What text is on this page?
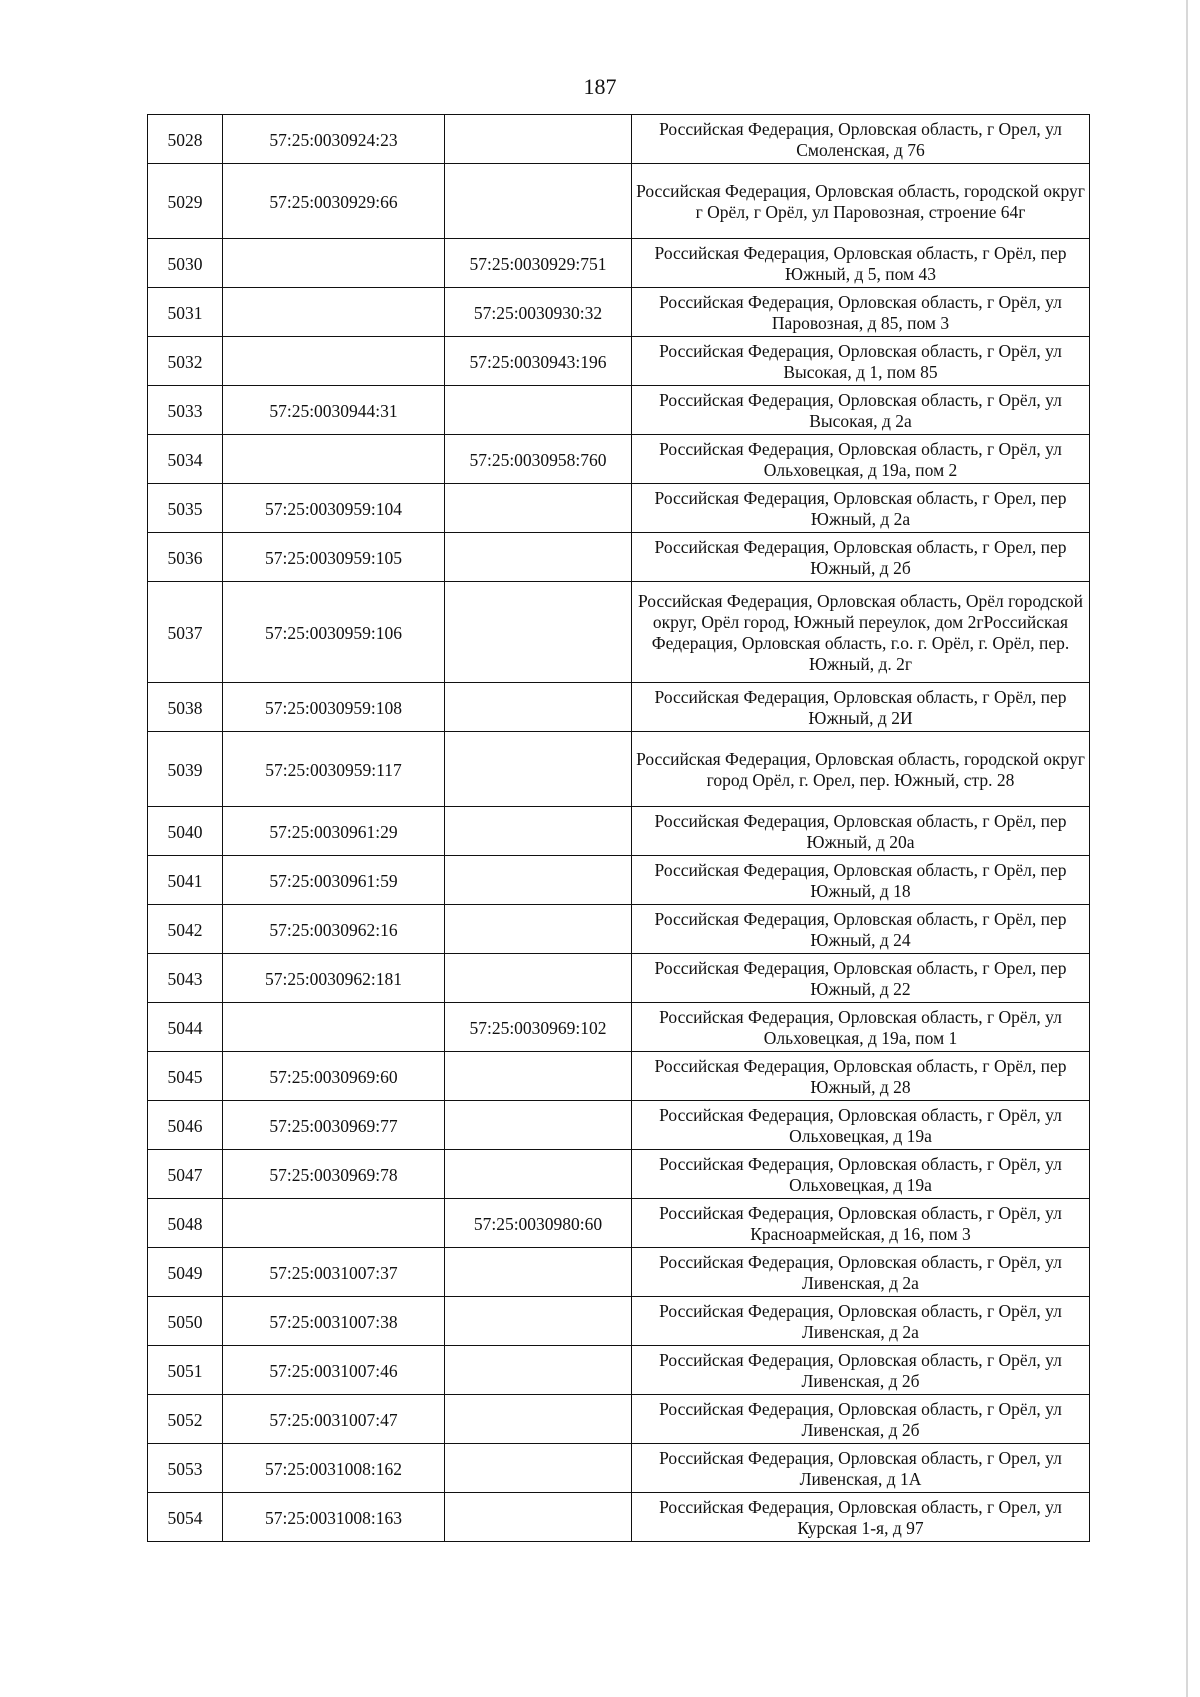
187
5028	57:25:0030924:23		Российская Федерация, Орловская область, г Орел, ул Смоленская, д 76
5029	57:25:0030929:66		Российская Федерация, Орловская область, городской округ г Орёл, г Орёл, ул Паровозная, строение 64г
5030		57:25:0030929:751	Российская Федерация, Орловская область, г Орёл, пер Южный, д 5, пом 43
5031		57:25:0030930:32	Российская Федерация, Орловская область, г Орёл, ул Паровозная, д 85, пом 3
5032		57:25:0030943:196	Российская Федерация, Орловская область, г Орёл, ул Высокая, д 1, пом 85
5033	57:25:0030944:31		Российская Федерация, Орловская область, г Орёл, ул Высокая, д 2а
5034		57:25:0030958:760	Российская Федерация, Орловская область, г Орёл, ул Ольховецкая, д 19а, пом 2
5035	57:25:0030959:104		Российская Федерация, Орловская область, г Орел, пер Южный, д 2а
5036	57:25:0030959:105		Российская Федерация, Орловская область, г Орел, пер Южный, д 2б
5037	57:25:0030959:106		Российская Федерация, Орловская область, Орёл городской округ, Орёл город, Южный переулок, дом 2гРоссийская Федерация, Орловская область, г.о. г. Орёл, г. Орёл, пер. Южный, д. 2г
5038	57:25:0030959:108		Российская Федерация, Орловская область, г Орёл, пер Южный, д 2И
5039	57:25:0030959:117		Российская Федерация, Орловская область, городской округ город Орёл, г. Орел, пер. Южный, стр. 28
5040	57:25:0030961:29		Российская Федерация, Орловская область, г Орёл, пер Южный, д 20а
5041	57:25:0030961:59		Российская Федерация, Орловская область, г Орёл, пер Южный, д 18
5042	57:25:0030962:16		Российская Федерация, Орловская область, г Орёл, пер Южный, д 24
5043	57:25:0030962:181		Российская Федерация, Орловская область, г Орел, пер Южный, д 22
5044		57:25:0030969:102	Российская Федерация, Орловская область, г Орёл, ул Ольховецкая, д 19а, пом 1
5045	57:25:0030969:60		Российская Федерация, Орловская область, г Орёл, пер Южный, д 28
5046	57:25:0030969:77		Российская Федерация, Орловская область, г Орёл, ул Ольховецкая, д 19а
5047	57:25:0030969:78		Российская Федерация, Орловская область, г Орёл, ул Ольховецкая, д 19а
5048		57:25:0030980:60	Российская Федерация, Орловская область, г Орёл, ул Красноармейская, д 16, пом 3
5049	57:25:0031007:37		Российская Федерация, Орловская область, г Орёл, ул Ливенская, д 2а
5050	57:25:0031007:38		Российская Федерация, Орловская область, г Орёл, ул Ливенская, д 2а
5051	57:25:0031007:46		Российская Федерация, Орловская область, г Орёл, ул Ливенская, д 2б
5052	57:25:0031007:47		Российская Федерация, Орловская область, г Орёл, ул Ливенская, д 2б
5053	57:25:0031008:162		Российская Федерация, Орловская область, г Орел, ул Ливенская, д 1А
5054	57:25:0031008:163		Российская Федерация, Орловская область, г Орел, ул Курская 1-я, д 97
